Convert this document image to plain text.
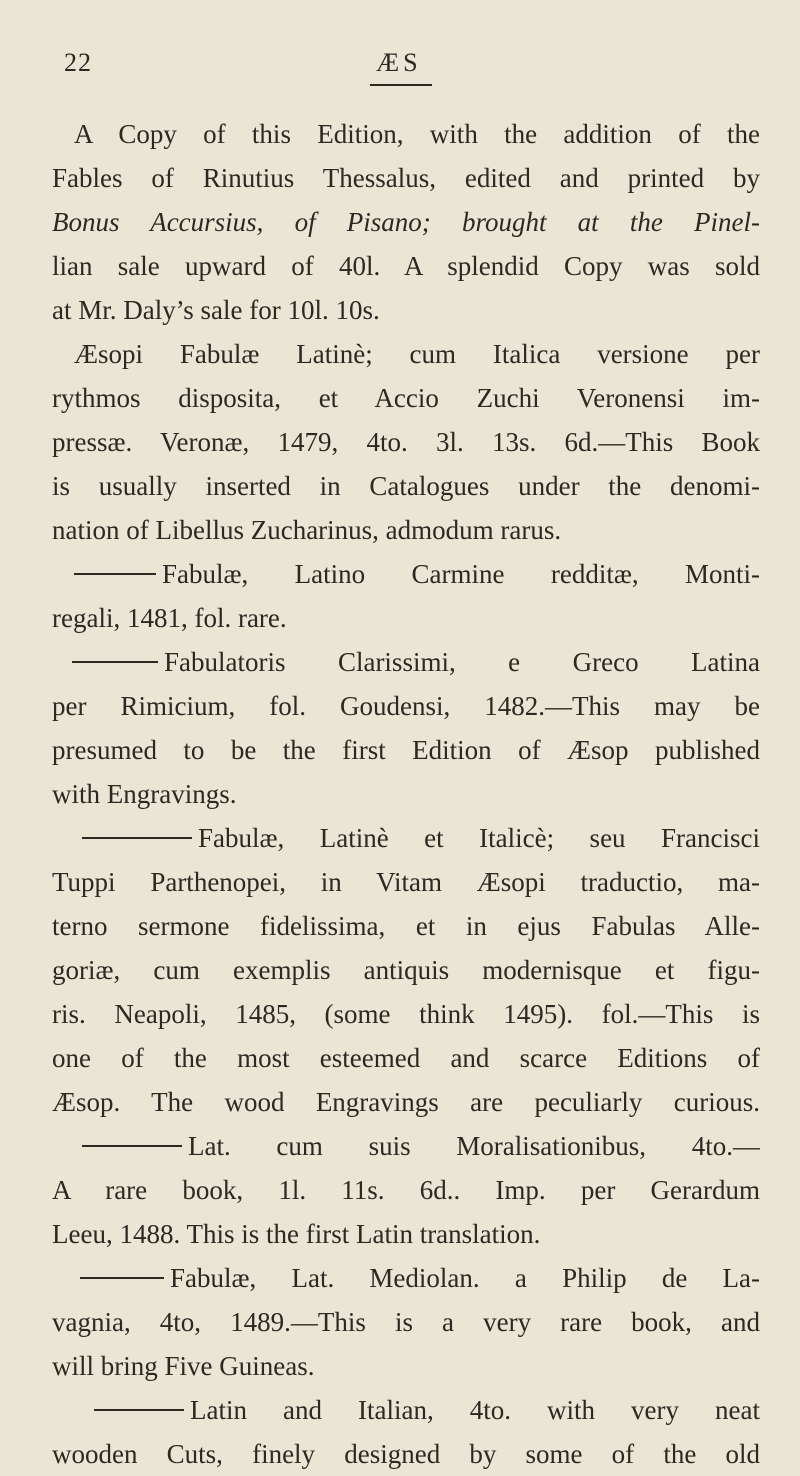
22	ÆS
A Copy of this Edition, with the addition of the
Fables of Rinutius Thessalus, edited and printed by
Bonus Accursius, of Pisano; brought at the Pinel-
lian sale upward of 40l. A splendid Copy was sold
at Mr. Daly’s sale for 10l. 10s.
Æsopi Fabulæ Latinè; cum Italica versione per
rythmos disposita, et Accio Zuchi Veronensi im-
pressæ. Veronæ, 1479, 4to. 3l. 13s. 6d.—This Book
is usually inserted in Catalogues under the denomi-
nation of Libellus Zucharinus, admodum rarus.
Fabulæ, Latino Carmine redditæ, Monti-
regali, 1481, fol. rare.
Fabulatoris Clarissimi, e Greco Latina
per Rimicium, fol. Goudensi, 1482.—This may be
presumed to be the first Edition of Æsop published
with Engravings.
Fabulæ, Latinè et Italicè; seu Francisci
Tuppi Parthenopei, in Vitam Æsopi traductio, ma-
terno sermone fidelissima, et in ejus Fabulas Alle-
goriæ, cum exemplis antiquis modernisque et figu-
ris. Neapoli, 1485, (some think 1495). fol.—This is
one of the most esteemed and scarce Editions of
Æsop. The wood Engravings are peculiarly curious.
Lat. cum suis Moralisationibus, 4to.—
A rare book, 1l. 11s. 6d.. Imp. per Gerardum
Leeu, 1488. This is the first Latin translation.
Fabulæ, Lat. Mediolan. a Philip de La-
vagnia, 4to, 1489.—This is a very rare book, and
will bring Five Guineas.
Latin and Italian, 4to. with very neat
wooden Cuts, finely designed by some of the old
